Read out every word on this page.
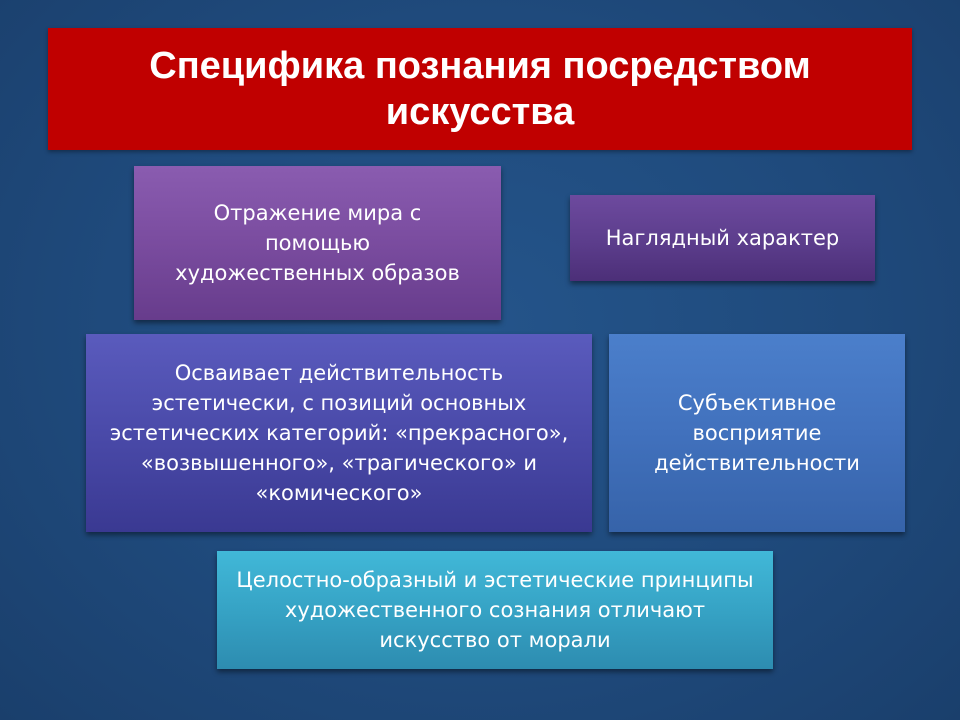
Специфика познания посредством искусства
Отражение мира с помощью художественных образов
Наглядный характер
Осваивает действительность эстетически, с позиций основных эстетических категорий: «прекрасного», «возвышенного», «трагического» и «комического»
Субъективное восприятие действительности
Целостно-образный и эстетические принципы художественного сознания отличают искусство от морали
